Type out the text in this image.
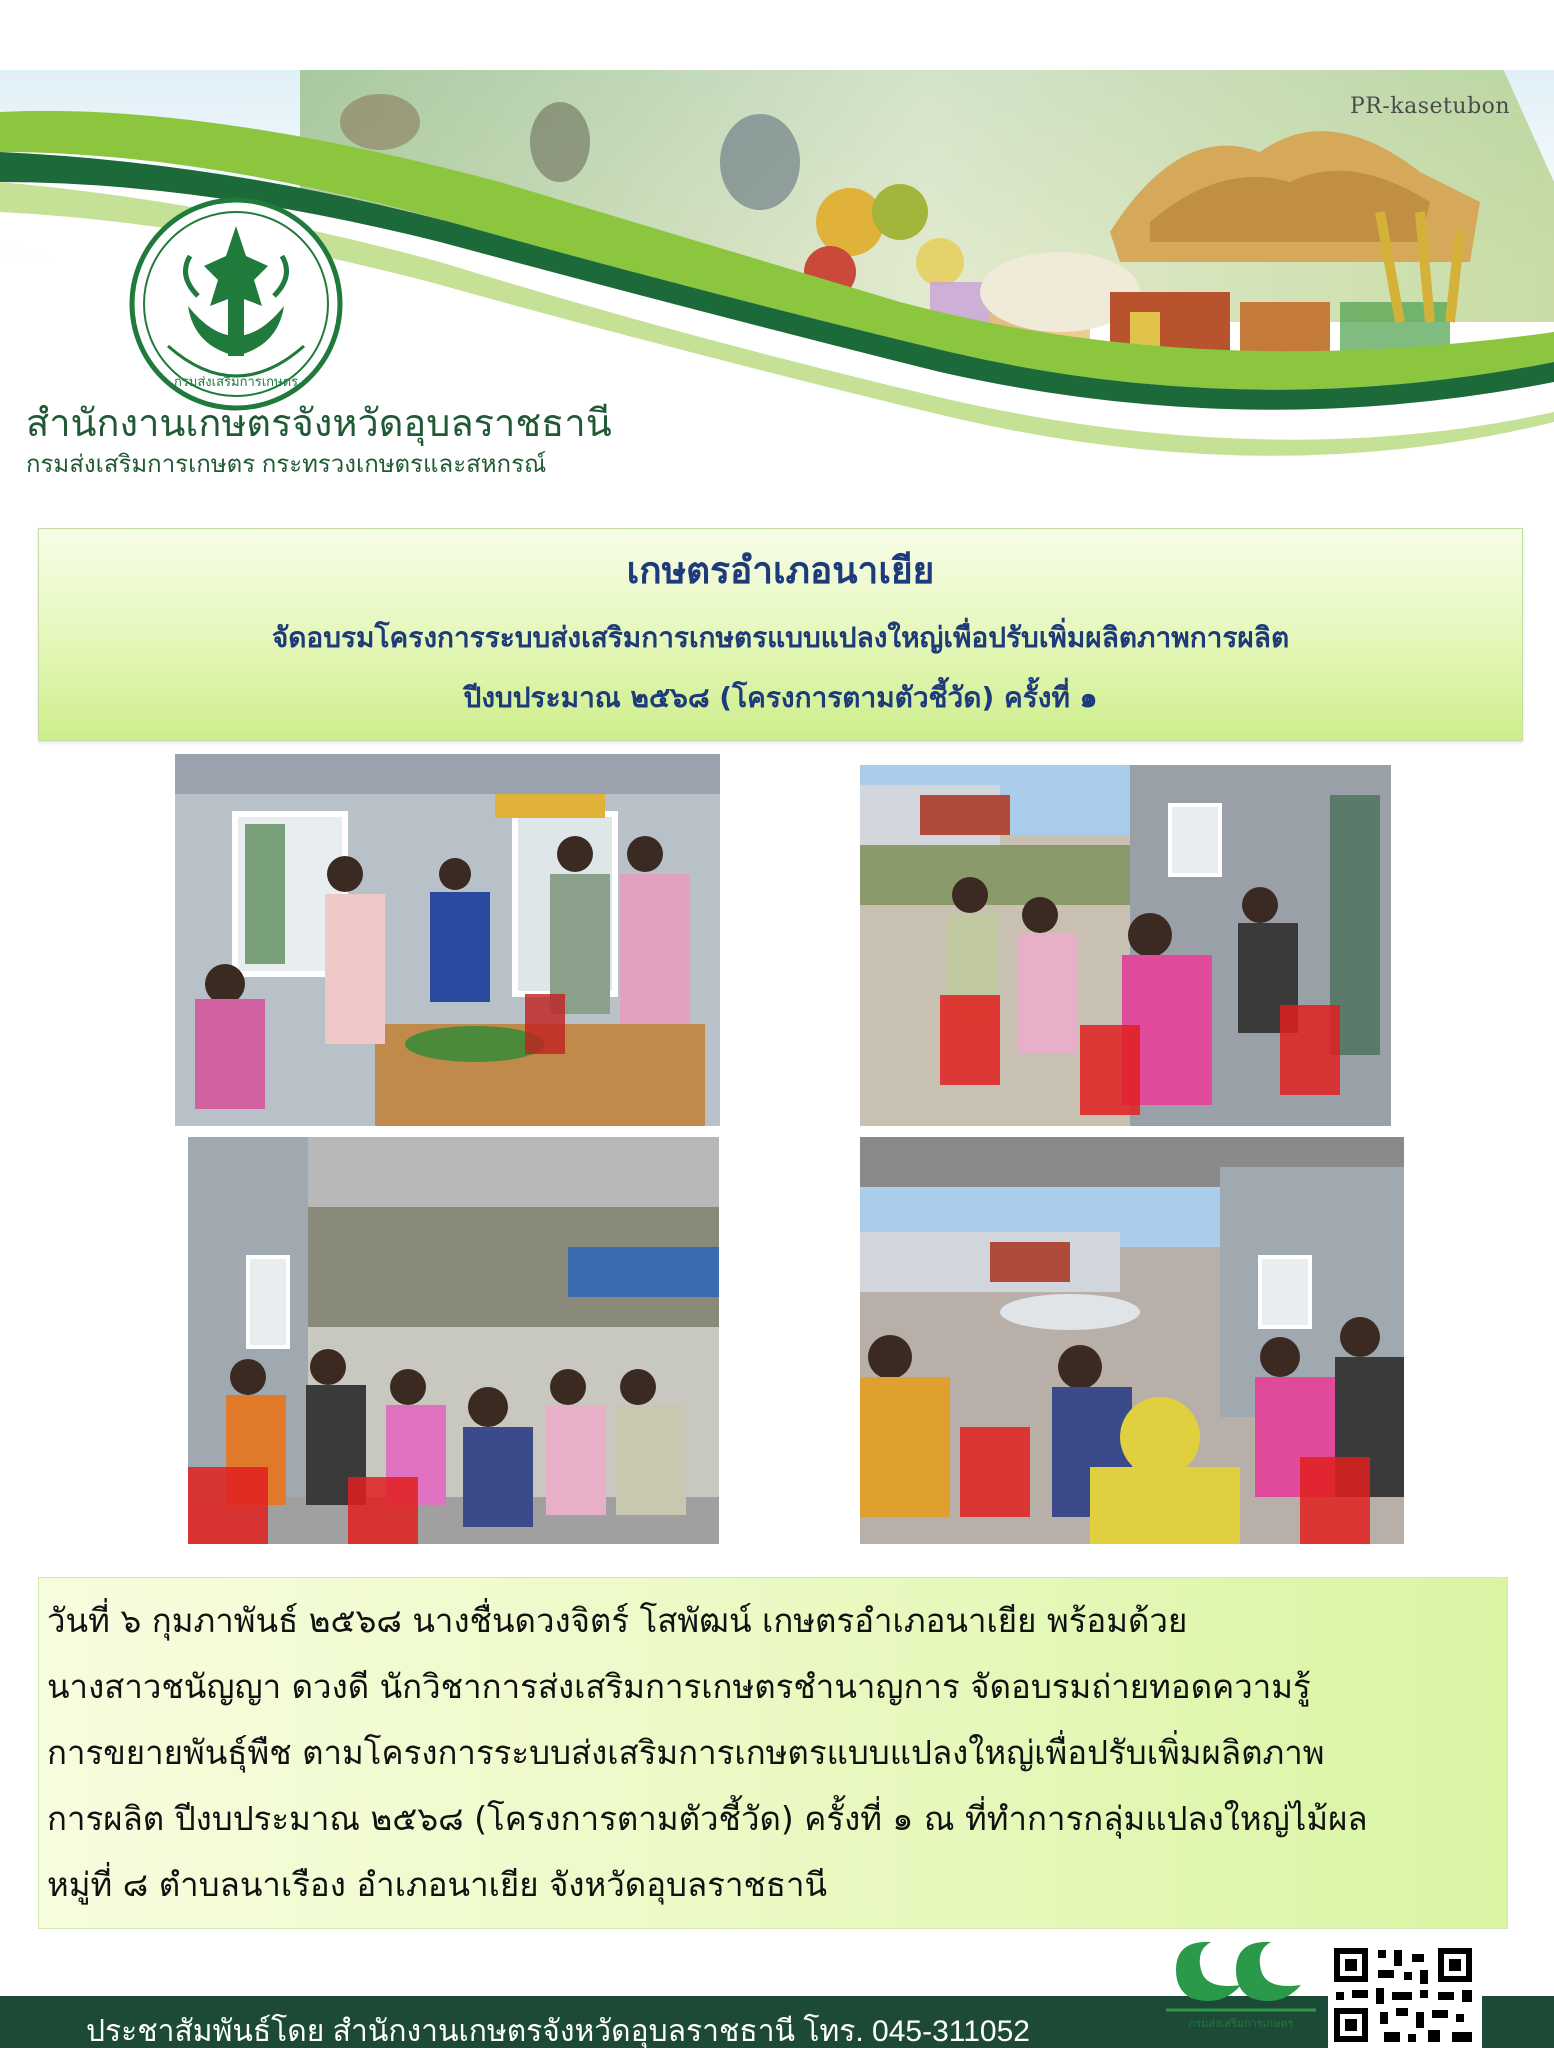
PR-kasetubon
กรมส่งเสริมการเกษตร
สำนักงานเกษตรจังหวัดอุบลราชธานี
กรมส่งเสริมการเกษตร กระทรวงเกษตรและสหกรณ์
เกษตรอำเภอนาเยีย
จัดอบรมโครงการระบบส่งเสริมการเกษตรแบบแปลงใหญ่เพื่อปรับเพิ่มผลิตภาพการผลิต
ปีงบประมาณ ๒๕๖๘ (โครงการตามตัวชี้วัด) ครั้งที่ ๑
วันที่ ๖ กุมภาพันธ์ ๒๕๖๘ นางชื่นดวงจิตร์ โสพัฒน์ เกษตรอำเภอนาเยีย พร้อมด้วย
นางสาวชนัญญา ดวงดี นักวิชาการส่งเสริมการเกษตรชำนาญการ จัดอบรมถ่ายทอดความรู้
การขยายพันธุ์พืช ตามโครงการระบบส่งเสริมการเกษตรแบบแปลงใหญ่เพื่อปรับเพิ่มผลิตภาพ
การผลิต ปีงบประมาณ ๒๕๖๘ (โครงการตามตัวชี้วัด) ครั้งที่ ๑ ณ ที่ทำการกลุ่มแปลงใหญ่ไม้ผล
หมู่ที่ ๘ ตำบลนาเรือง อำเภอนาเยีย จังหวัดอุบลราชธานี
ประชาสัมพันธ์โดย สำนักงานเกษตรจังหวัดอุบลราชธานี โทร. 045-311052	กรมส่งเสริมการเกษตร
